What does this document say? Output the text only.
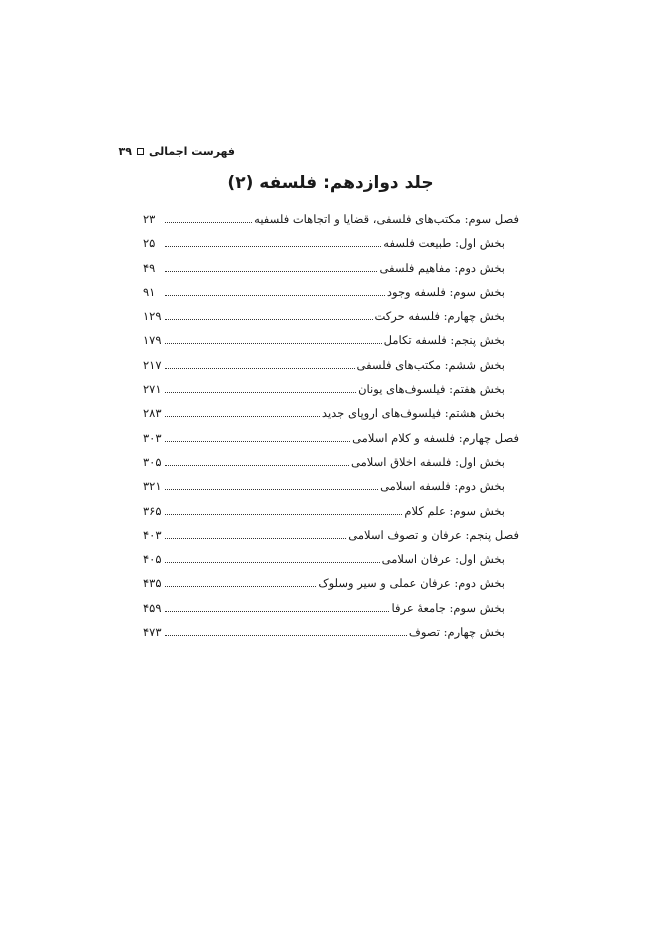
فهرست اجمالی
۳۹
جلد دوازدهم: فلسفه (۲)
فصل سوم: مکتب‌های فلسفی، قضایا و اتجاهات فلسفیه
۲۳
بخش اول: طبیعت فلسفه
۲۵
بخش دوم: مفاهیم فلسفی
۴۹
بخش سوم: فلسفه وجود
۹۱
بخش چهارم: فلسفه حرکت
۱۲۹
بخش پنجم: فلسفه تکامل
۱۷۹
بخش ششم: مکتب‌های فلسفی
۲۱۷
بخش هفتم: فیلسوف‌های یونان
۲۷۱
بخش هشتم: فیلسوف‌های اروپای جدید
۲۸۳
فصل چهارم: فلسفه و کلام اسلامی
۳۰۳
بخش اول: فلسفه اخلاق اسلامی
۳۰۵
بخش دوم: فلسفه اسلامی
۳۲۱
بخش سوم: علم کلام
۳۶۵
فصل پنجم: عرفان و تصوف اسلامی
۴۰۳
بخش اول: عرفان اسلامی
۴۰۵
بخش دوم: عرفان عملی و سیر وسلوک
۴۳۵
بخش سوم: جامعهٔ عرفا
۴۵۹
بخش چهارم: تصوف
۴۷۳
